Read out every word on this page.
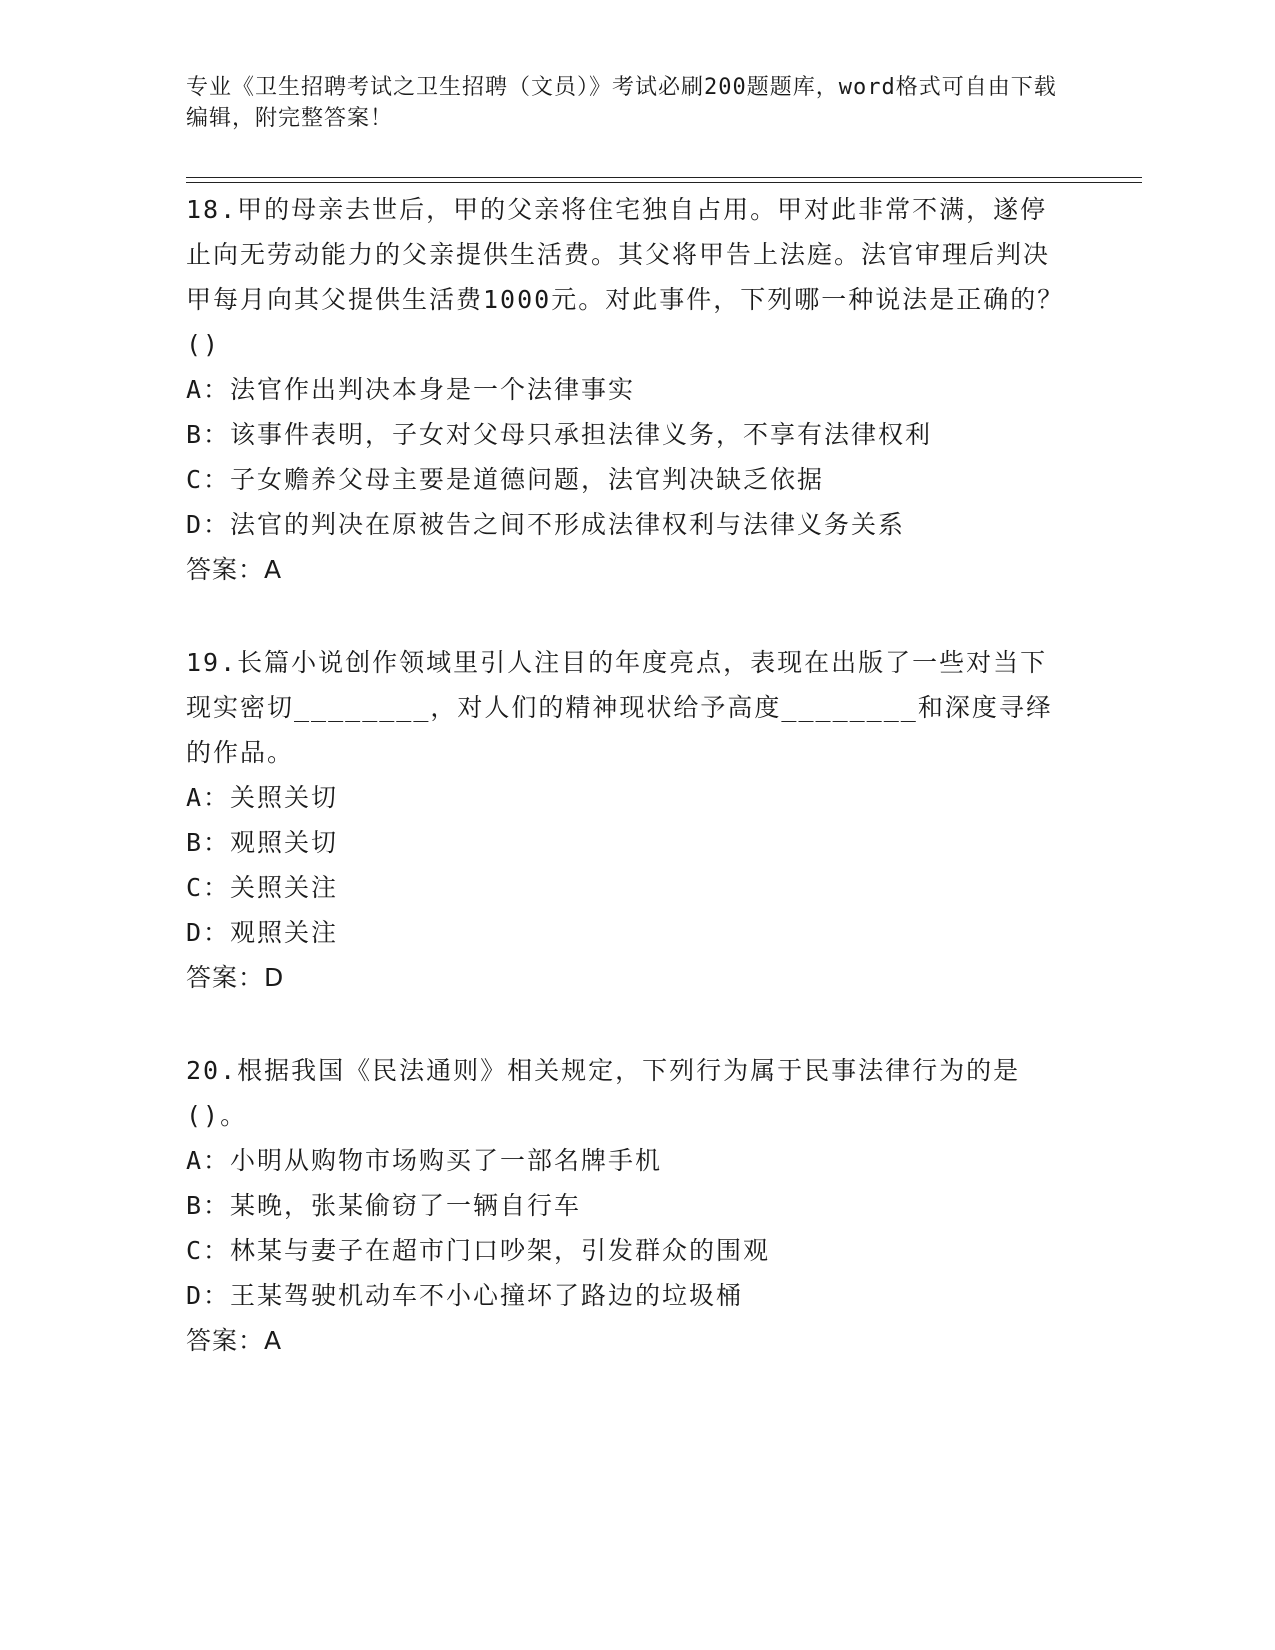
专业《卫生招聘考试之卫生招聘（文员）》考试必刷200题题库，word格式可自由下载编辑，附完整答案！
18.甲的母亲去世后，甲的父亲将住宅独自占用。甲对此非常不满，遂停止向无劳动能力的父亲提供生活费。其父将甲告上法庭。法官审理后判决甲每月向其父提供生活费1000元。对此事件，下列哪一种说法是正确的？()
A：法官作出判决本身是一个法律事实
B：该事件表明，子女对父母只承担法律义务，不享有法律权利
C：子女赡养父母主要是道德问题，法官判决缺乏依据
D：法官的判决在原被告之间不形成法律权利与法律义务关系
答案：A
19.长篇小说创作领域里引人注目的年度亮点，表现在出版了一些对当下现实密切________，对人们的精神现状给予高度________和深度寻绎的作品。
A：关照关切
B：观照关切
C：关照关注
D：观照关注
答案：D
20.根据我国《民法通则》相关规定，下列行为属于民事法律行为的是()。
A：小明从购物市场购买了一部名牌手机
B：某晚，张某偷窃了一辆自行车
C：林某与妻子在超市门口吵架，引发群众的围观
D：王某驾驶机动车不小心撞坏了路边的垃圾桶
答案：A
